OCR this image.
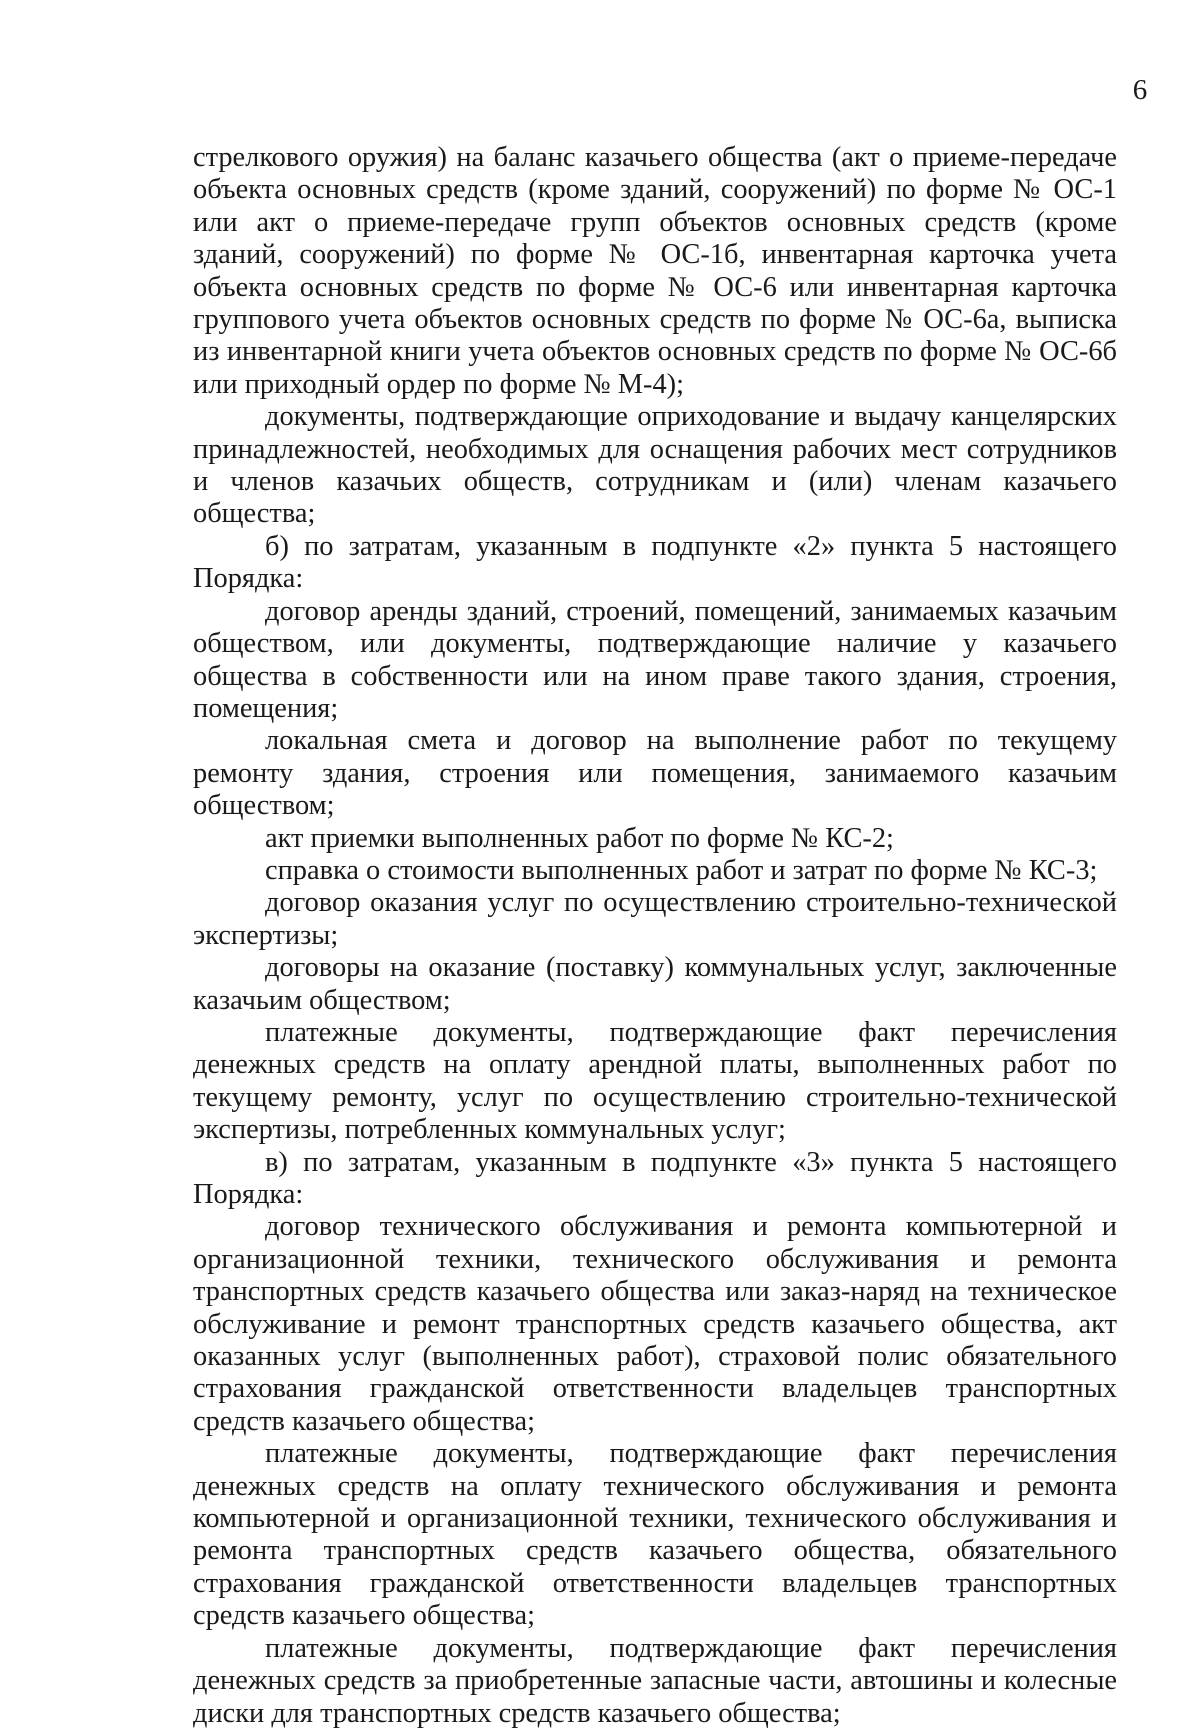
6

стрелкового оружия) на баланс казачьего общества (акт о приеме-передаче объекта основных средств (кроме зданий, сооружений) по форме № ОС-1 или акт о приеме-передаче групп объектов основных средств (кроме зданий, сооружений) по форме № ОС-1б, инвентарная карточка учета объекта основных средств по форме № ОС-6 или инвентарная карточка группового учета объектов основных средств по форме № ОС-6а, выписка из инвентарной книги учета объектов основных средств по форме № ОС-6б или приходный ордер по форме № М-4);

документы, подтверждающие оприходование и выдачу канцелярских принадлежностей, необходимых для оснащения рабочих мест сотрудников и членов казачьих обществ, сотрудникам и (или) членам казачьего общества;

б) по затратам, указанным в подпункте «2» пункта 5 настоящего Порядка:

договор аренды зданий, строений, помещений, занимаемых казачьим обществом, или документы, подтверждающие наличие у казачьего общества в собственности или на ином праве такого здания, строения, помещения;

локальная смета и договор на выполнение работ по текущему ремонту здания, строения или помещения, занимаемого казачьим обществом;

акт приемки выполненных работ по форме № КС-2;

справка о стоимости выполненных работ и затрат по форме № КС-3;

договор оказания услуг по осуществлению строительно-технической экспертизы;

договоры на оказание (поставку) коммунальных услуг, заключенные казачьим обществом;

платежные документы, подтверждающие факт перечисления денежных средств на оплату арендной платы, выполненных работ по текущему ремонту, услуг по осуществлению строительно-технической экспертизы, потребленных коммунальных услуг;

в) по затратам, указанным в подпункте «3» пункта 5 настоящего Порядка:

договор технического обслуживания и ремонта компьютерной и организационной техники, технического обслуживания и ремонта транспортных средств казачьего общества или заказ-наряд на техническое обслуживание и ремонт транспортных средств казачьего общества, акт оказанных услуг (выполненных работ), страховой полис обязательного страхования гражданской ответственности владельцев транспортных средств казачьего общества;

платежные документы, подтверждающие факт перечисления денежных средств на оплату технического обслуживания и ремонта компьютерной и организационной техники, технического обслуживания и ремонта транспортных средств казачьего общества, обязательного страхования гражданской ответственности владельцев транспортных средств казачьего общества;

платежные документы, подтверждающие факт перечисления денежных средств за приобретенные запасные части, автошины и колесные диски для транспортных средств казачьего общества;
